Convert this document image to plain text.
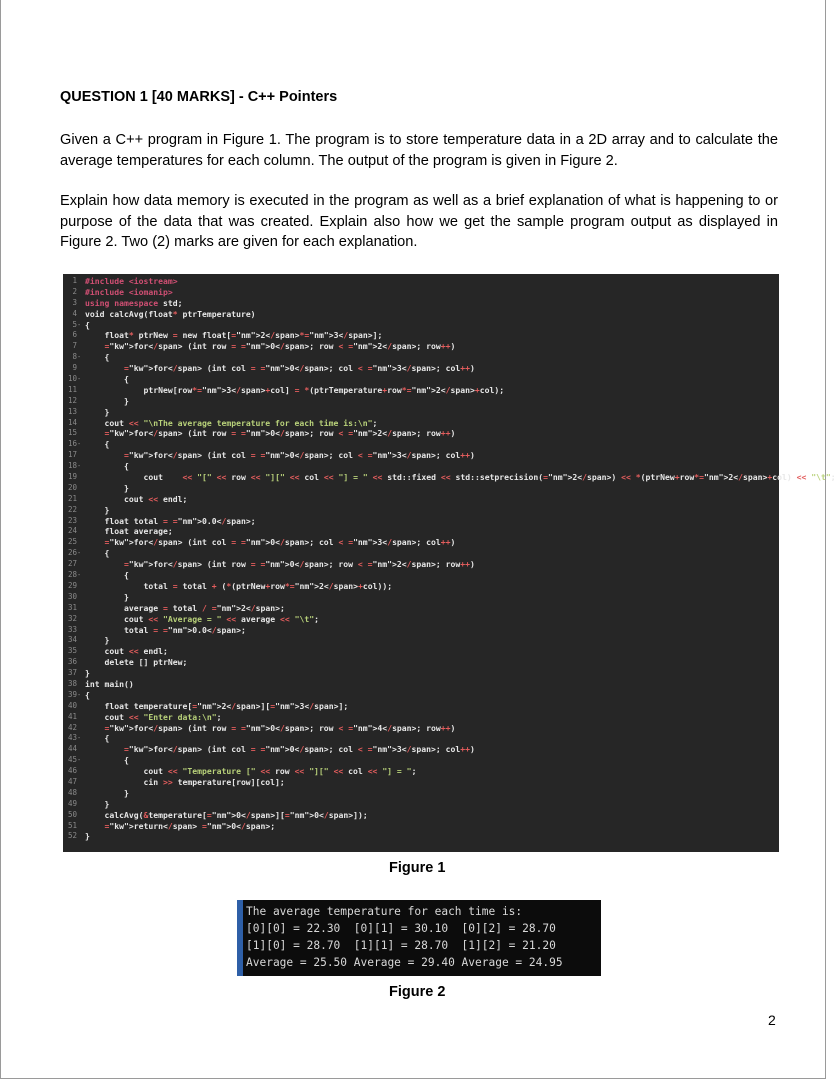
QUESTION 1 [40 MARKS] - C++ Pointers
Given a C++ program in Figure 1. The program is to store temperature data in a 2D array and to calculate the average temperatures for each column. The output of the program is given in Figure 2.
Explain how data memory is executed in the program as well as a brief explanation of what is happening to or purpose of the data that was created. Explain also how we get the sample program output as displayed in Figure 2. Two (2) marks are given for each explanation.
1 #include <iostream>
2 #include <iomanip>
3 using namespace std;
4 void calcAvg(float* ptrTemperature)
5 - {
6 float* ptrNew = new float[="nm">2</span>*="nm">3</span>];
7	="kw">for</span> (int row = ="nm">0</span>; row < ="nm">2</span>; row++)
8 - {
9	="kw">for</span> (int col = ="nm">0</span>; col < ="nm">3</span>; col++)
10 - {
11 ptrNew[row*="nm">3</span>+col] = *(ptrTemperature+row*="nm">2</span>+col);
12 }
13 }
14 cout << "\nThe average temperature for each time is:\n";
15	="kw">for</span> (int row = ="nm">0</span>; row < ="nm">2</span>; row++)
16 - {
17	="kw">for</span> (int col = ="nm">0</span>; col < ="nm">3</span>; col++)
18 - {
19 cout    << "[" << row << "][" << col << "] = " << std::fixed << std::setprecision(="nm">2</span>) << *(ptrNew+row*="nm">2</span>+col) << "\t";
20 }
21 cout << endl;
22 }
23 float total = ="nm">0.0</span>;
24 float average;
25	="kw">for</span> (int col = ="nm">0</span>; col < ="nm">3</span>; col++)
26 - {
27	="kw">for</span> (int row = ="nm">0</span>; row < ="nm">2</span>; row++)
28 - {
29 total = total + (*(ptrNew+row*="nm">2</span>+col));
30 }
31 average = total / ="nm">2</span>;
32 cout << "Average = " << average << "\t";
33 total = ="nm">0.0</span>;
34 }
35 cout << endl;
36 delete [] ptrNew;
37 }
38 int main()
39 - {
40 float temperature[="nm">2</span>][="nm">3</span>];
41 cout << "Enter data:\n";
42	="kw">for</span> (int row = ="nm">0</span>; row < ="nm">4</span>; row++)
43 - {
44	="kw">for</span> (int col = ="nm">0</span>; col < ="nm">3</span>; col++)
45 - {
46 cout << "Temperature [" << row << "][" << col << "] = ";
47 cin >> temperature[row][col];
48 }
49 }
50 calcAvg(&temperature[="nm">0</span>][="nm">0</span>]);
51	="kw">return</span> ="nm">0</span>;
52 }
Figure 1
The average temperature for each time is:
[0][0] = 22.30  [0][1] = 30.10  [0][2] = 28.70
[1][0] = 28.70  [1][1] = 28.70  [1][2] = 21.20
Average = 25.50 Average = 29.40 Average = 24.95
Figure 2
2
